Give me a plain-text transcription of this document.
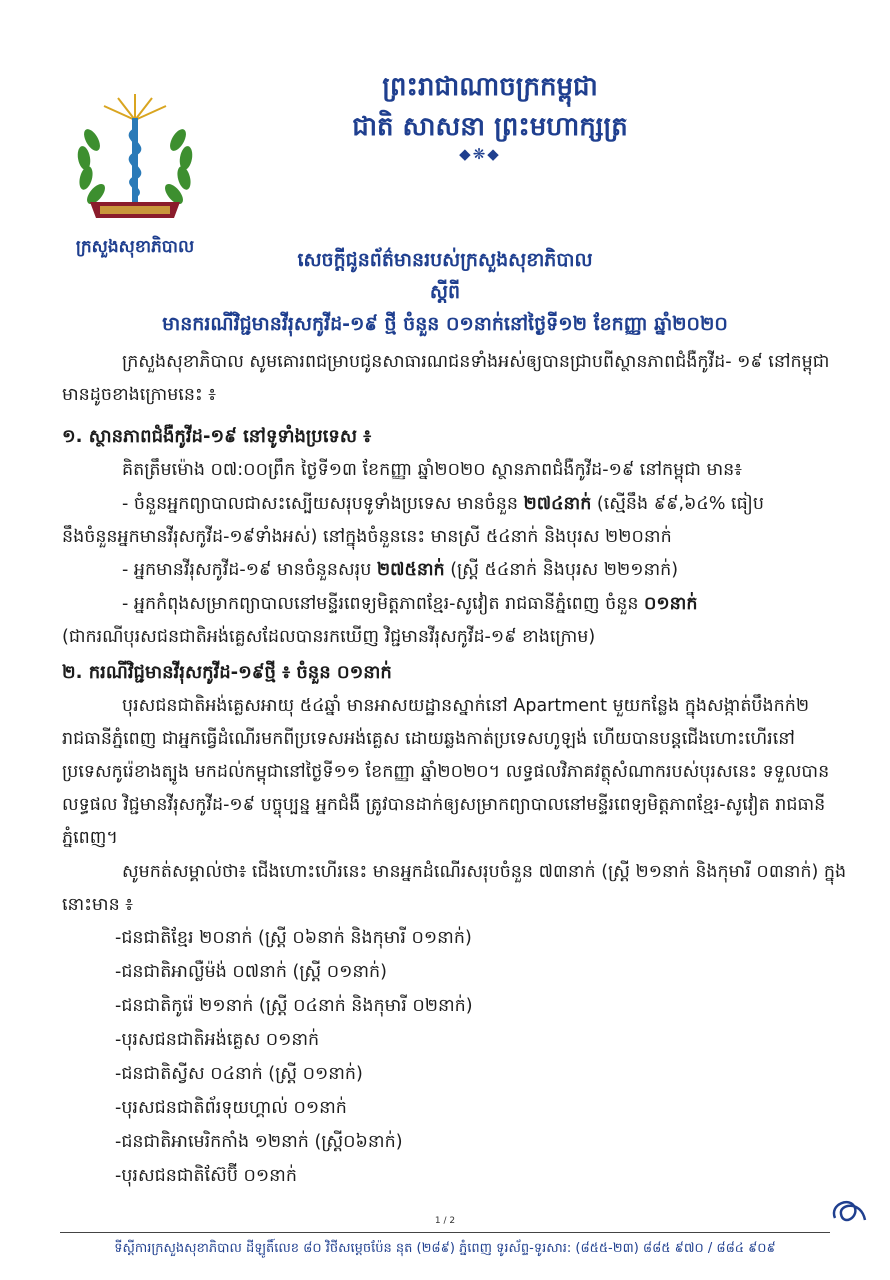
ក្រសួងសុខាភិបាល
ព្រះរាជាណាចក្រកម្ពុជា
ជាតិ សាសនា ព្រះមហាក្សត្រ
◆❋◆
សេចក្តីជូនព័ត៌មានរបស់ក្រសួងសុខាភិបាល
ស្តីពី
មានករណីវិជ្ជមានវីរុសកូវីដ-១៩ ថ្មី ចំនួន ០១នាក់នៅថ្ងៃទី១២ ខែកញ្ញា ឆ្នាំ២០២០
ក្រសួងសុខាភិបាល សូមគោរពជម្រាបជូនសាធារណជនទាំងអស់ឲ្យបានជ្រាបពីស្ថានភាពជំងឺកូវីដ- ១៩ នៅកម្ពុជា មានដូចខាងក្រោមនេះ ៖
១. ស្ថានភាពជំងឺកូវីដ-១៩ នៅទូទាំងប្រទេស ៖
គិតត្រឹមម៉ោង ០៧:០០ព្រឹក ថ្ងៃទី១៣ ខែកញ្ញា ឆ្នាំ២០២០ ស្ថានភាពជំងឺកូវីដ-១៩ នៅកម្ពុជា មាន៖
- ចំនួនអ្នកព្យាបាលជាសះស្បើយសរុបទូទាំងប្រទេស មានចំនួន ២៧៤នាក់ (ស្មើនឹង ៩៩,៦៤% ធៀប
នឹងចំនួនអ្នកមានវីរុសកូវីដ-១៩ទាំងអស់) នៅក្នុងចំនួននេះ មានស្រី ៥៤នាក់ និងបុរស ២២០នាក់
- អ្នកមានវីរុសកូវីដ-១៩ មានចំនួនសរុប ២៧៥នាក់ (ស្ត្រី ៥៤នាក់ និងបុរស ២២១នាក់)
- អ្នកកំពុងសម្រាកព្យាបាលនៅមន្ទីរពេទ្យមិត្តភាពខ្មែរ-សូវៀត រាជធានីភ្នំពេញ ចំនួន ០១នាក់
(ជាករណីបុរសជនជាតិអង់គ្លេសដែលបានរកឃើញ វិជ្ជមានវីរុសកូវីដ-១៩ ខាងក្រោម)
២. ករណីវិជ្ជមានវីរុសកូវីដ-១៩ថ្មី ៖ ចំនួន ០១នាក់
បុរសជនជាតិអង់គ្លេសអាយុ ៥៤ឆ្នាំ មានអាសយដ្ឋានស្នាក់នៅ Apartment មួយកន្លែង ក្នុងសង្កាត់បឹងកក់២ រាជធានីភ្នំពេញ ជាអ្នកធ្វើដំណើរមកពីប្រទេសអង់គ្លេស ដោយឆ្លងកាត់ប្រទេសហូឡង់ ហើយបានបន្តជើងហោះហើរនៅប្រទេសកូរ៉េខាងត្បូង មកដល់កម្ពុជានៅថ្ងៃទី១១ ខែកញ្ញា ឆ្នាំ២០២០។ លទ្ធផលវិភាគវត្ថុសំណាករបស់បុរសនេះ ទទួលបានលទ្ធផល វិជ្ជមានវីរុសកូវីដ-១៩ បច្ចុប្បន្ន អ្នកជំងឺ ត្រូវបានដាក់ឲ្យសម្រាកព្យាបាលនៅមន្ទីរពេទ្យមិត្តភាពខ្មែរ-សូវៀត រាជធានីភ្នំពេញ។
សូមកត់សម្គាល់ថា៖ ជើងហោះហើរនេះ មានអ្នកដំណើរសរុបចំនួន ៧៣នាក់ (ស្ត្រី ២១នាក់ និងកុមារី ០៣នាក់) ក្នុងនោះមាន ៖
-ជនជាតិខ្មែរ ២០នាក់ (ស្ត្រី ០៦នាក់ និងកុមារី ០១នាក់)
-ជនជាតិអាល្លឺម៉ង់ ០៧នាក់ (ស្ត្រី ០១នាក់)
-ជនជាតិកូរ៉េ ២១នាក់ (ស្ត្រី ០៤នាក់ និងកុមារី ០២នាក់)
-បុរសជនជាតិអង់គ្លេស ០១នាក់
-ជនជាតិស្វីស ០៤នាក់ (ស្ត្រី ០១នាក់)
-បុរសជនជាតិព័រទុយហ្គាល់ ០១នាក់
-ជនជាតិអាមេរិកកាំង ១២នាក់ (ស្ត្រី០៦នាក់)
-បុរសជនជាតិស៊ែប៊ី ០១នាក់
1 / 2
ទីស្តីការក្រសួងសុខាភិបាល ដីឡូតិ៍លេខ ៨០ វិថីសម្តេចប៉ែន នុត (២៨៩) ភ្នំពេញ ទូរស័ព្ទ-ទូរសារ: (៨៥៥-២៣) ៨៨៥ ៩៧០ / ៨៨៤ ៩០៩
